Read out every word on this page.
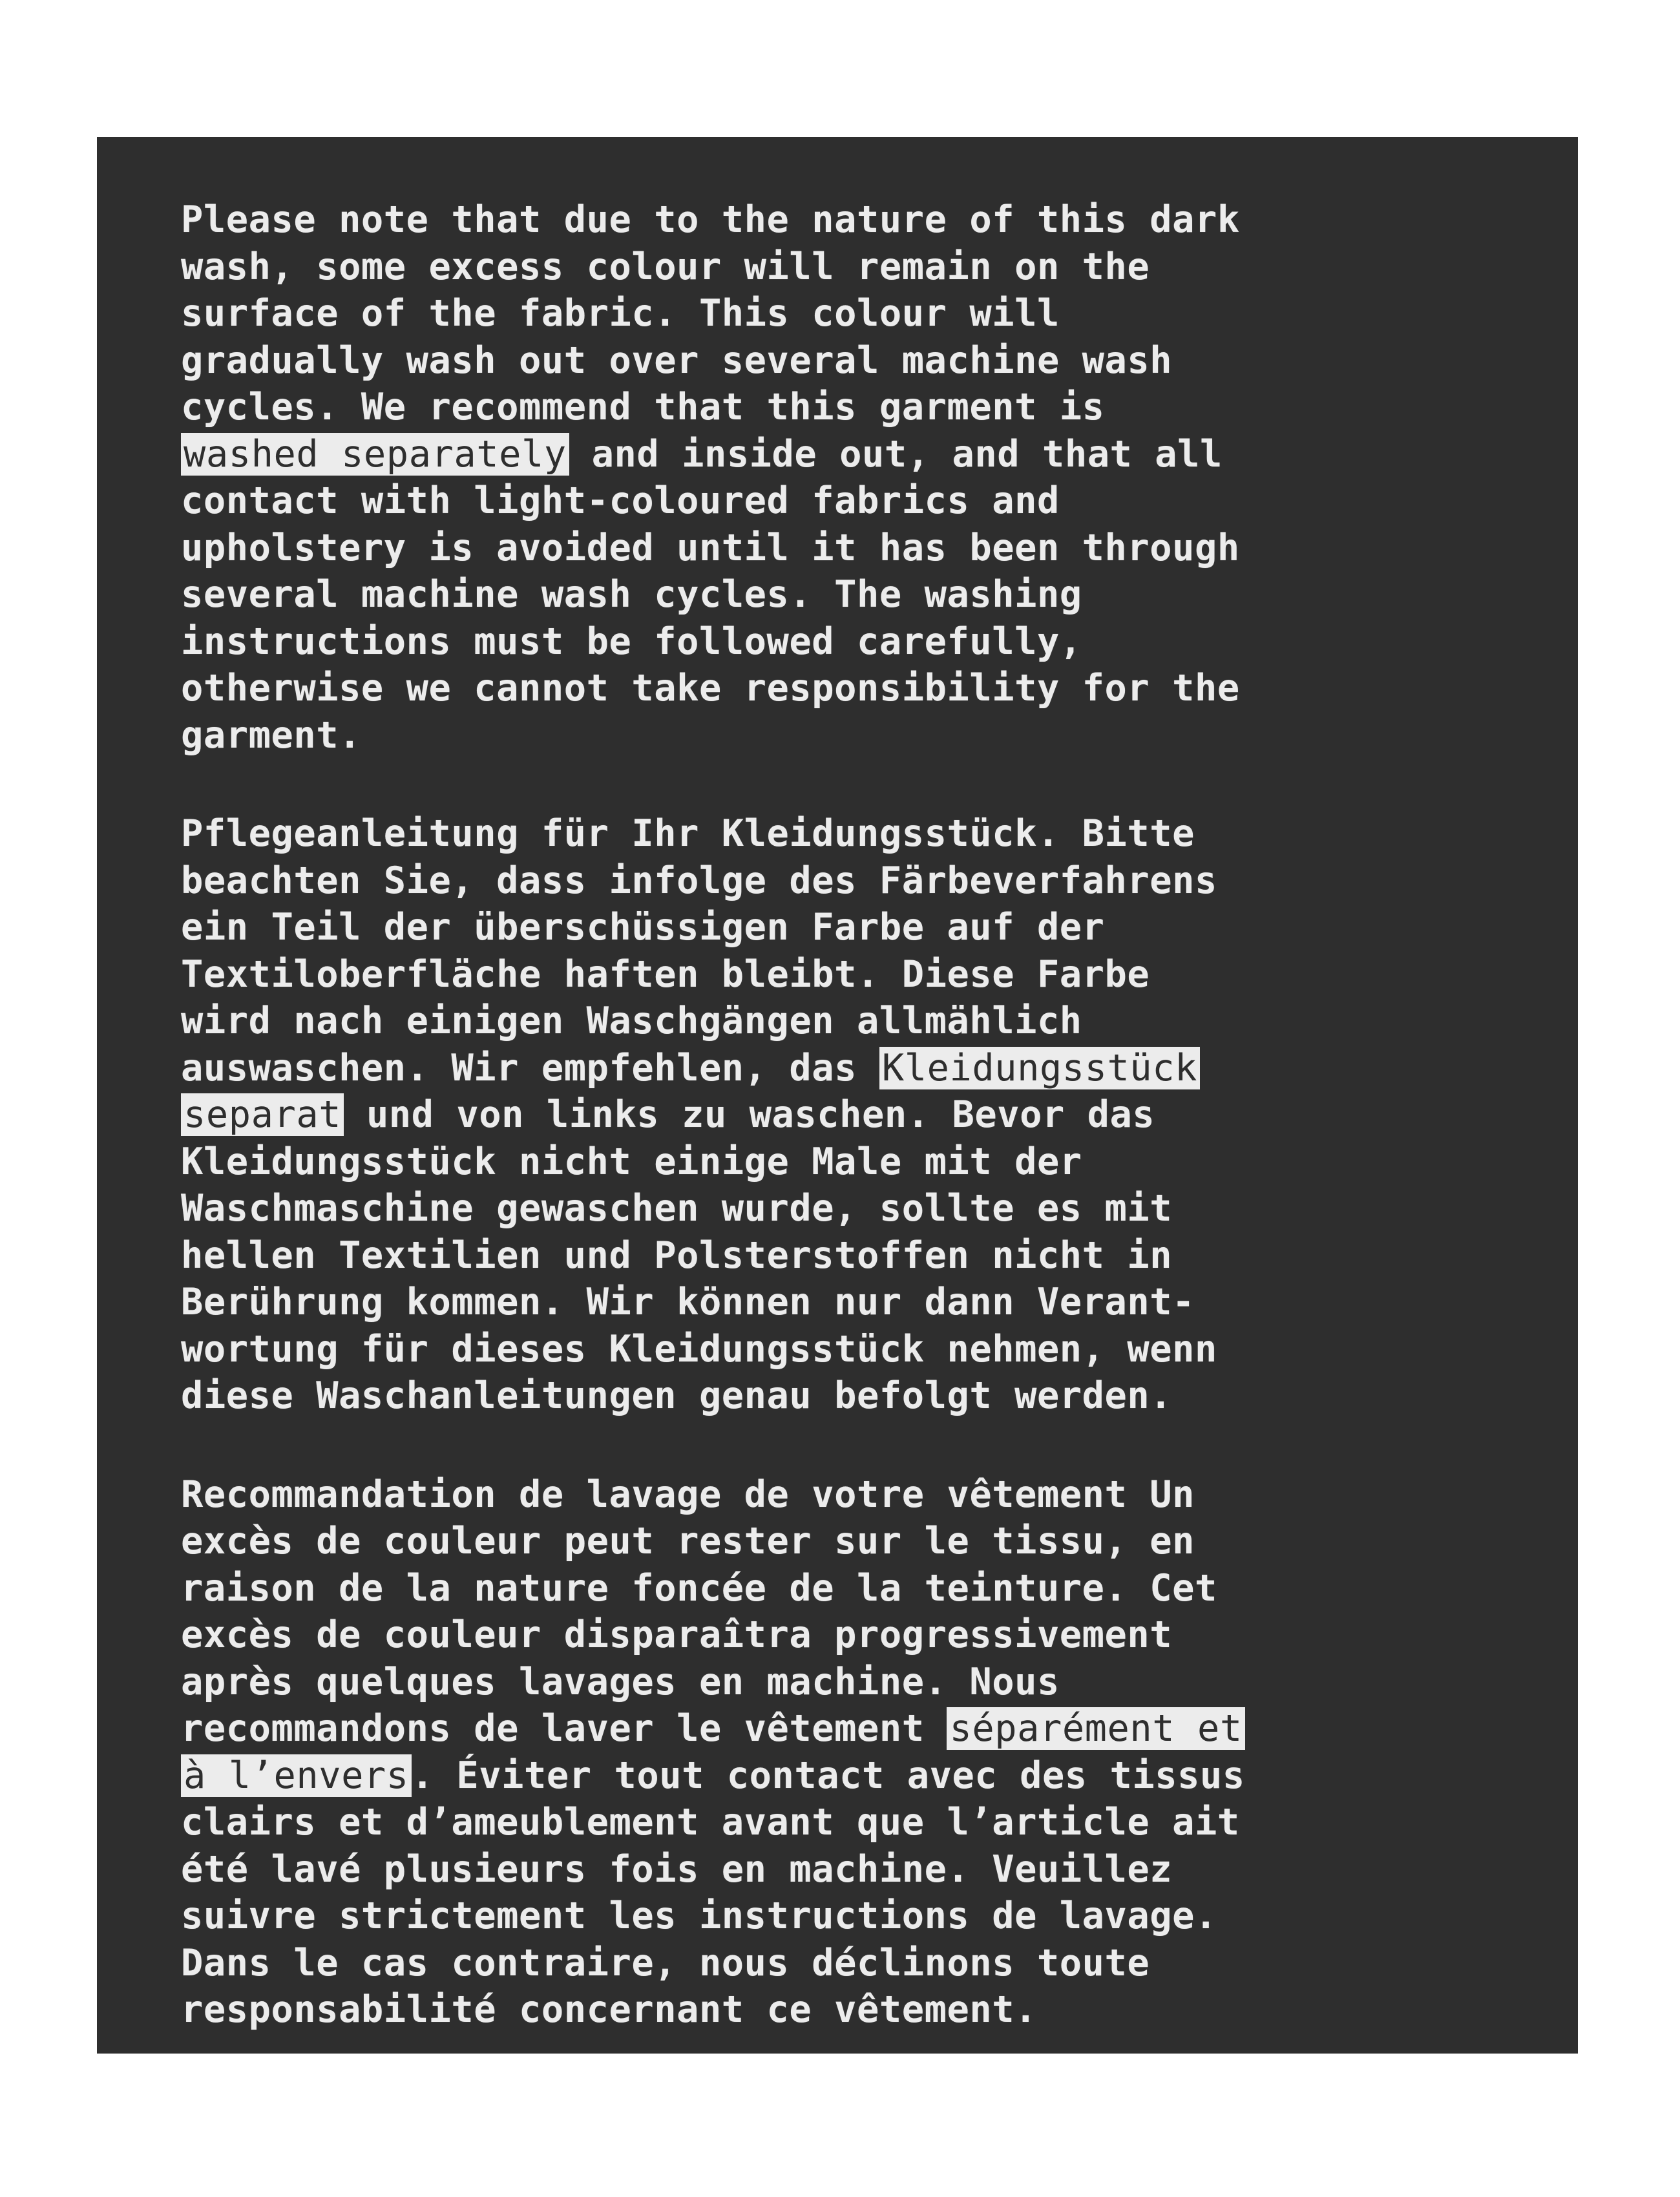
Please note that due to the nature of this dark
wash, some excess colour will remain on the
surface of the fabric. This colour will
gradually wash out over several machine wash
cycles. We recommend that this garment is
washed separately and inside out, and that all
contact with light-coloured fabrics and
upholstery is avoided until it has been through
several machine wash cycles. The washing
instructions must be followed carefully,
otherwise we cannot take responsibility for the
garment.

Pflegeanleitung für Ihr Kleidungsstück. Bitte
beachten Sie, dass infolge des Färbeverfahrens
ein Teil der überschüssigen Farbe auf der
Textiloberfläche haften bleibt. Diese Farbe
wird nach einigen Waschgängen allmählich
auswaschen. Wir empfehlen, das Kleidungsstück
separat und von links zu waschen. Bevor das
Kleidungsstück nicht einige Male mit der
Waschmaschine gewaschen wurde, sollte es mit
hellen Textilien und Polsterstoffen nicht in
Berührung kommen. Wir können nur dann Verant-
wortung für dieses Kleidungsstück nehmen, wenn
diese Waschanleitungen genau befolgt werden.

Recommandation de lavage de votre vêtement Un
excès de couleur peut rester sur le tissu, en
raison de la nature foncée de la teinture. Cet
excès de couleur disparaîtra progressivement
après quelques lavages en machine. Nous
recommandons de laver le vêtement séparément et
à l’envers. Éviter tout contact avec des tissus
clairs et d’ameublement avant que l’article ait
été lavé plusieurs fois en machine. Veuillez
suivre strictement les instructions de lavage.
Dans le cas contraire, nous déclinons toute
responsabilité concernant ce vêtement.
